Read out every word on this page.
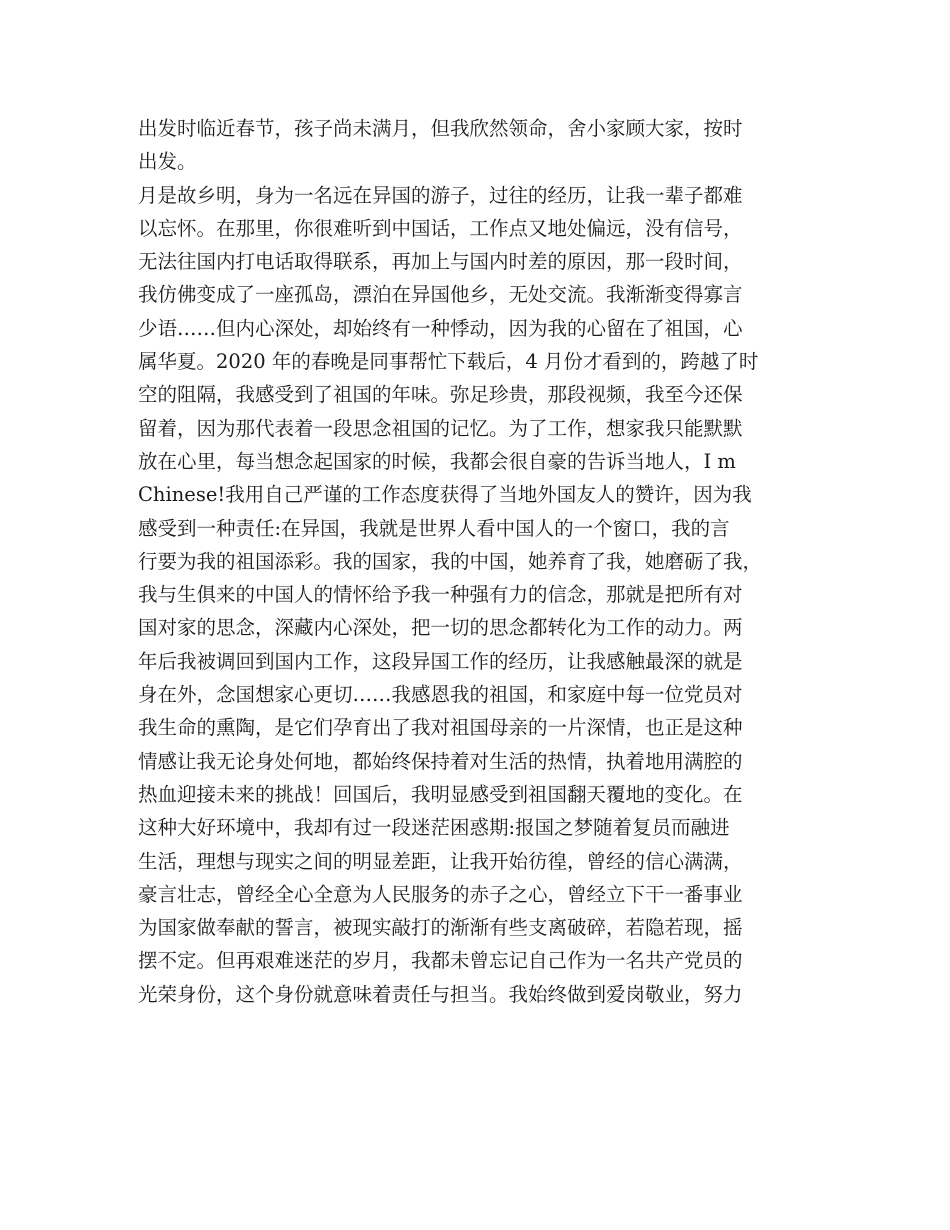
出发时临近春节，孩子尚未满月，但我欣然领命，舍小家顾大家，按时
出发。
月是故乡明，身为一名远在异国的游子，过往的经历，让我一辈子都难
以忘怀。在那里，你很难听到中国话，工作点又地处偏远，没有信号，
无法往国内打电话取得联系，再加上与国内时差的原因，那一段时间，
我仿佛变成了一座孤岛，漂泊在异国他乡，无处交流。我渐渐变得寡言
少语……但内心深处，却始终有一种悸动，因为我的心留在了祖国，心
属华夏。2020 年的春晚是同事帮忙下载后，4 月份才看到的，跨越了时
空的阻隔，我感受到了祖国的年味。弥足珍贵，那段视频，我至今还保
留着，因为那代表着一段思念祖国的记忆。为了工作，想家我只能默默
放在心里，每当想念起国家的时候，我都会很自豪的告诉当地人，I m
Chinese!我用自己严谨的工作态度获得了当地外国友人的赞许，因为我
感受到一种责任:在异国，我就是世界人看中国人的一个窗口，我的言
行要为我的祖国添彩。我的国家，我的中国，她养育了我，她磨砺了我，
我与生俱来的中国人的情怀给予我一种强有力的信念，那就是把所有对
国对家的思念，深藏内心深处，把一切的思念都转化为工作的动力。两
年后我被调回到国内工作，这段异国工作的经历，让我感触最深的就是
身在外，念国想家心更切……我感恩我的祖国，和家庭中每一位党员对
我生命的熏陶，是它们孕育出了我对祖国母亲的一片深情，也正是这种
情感让我无论身处何地，都始终保持着对生活的热情，执着地用满腔的
热血迎接未来的挑战！回国后，我明显感受到祖国翻天覆地的变化。在
这种大好环境中，我却有过一段迷茫困惑期:报国之梦随着复员而融进
生活，理想与现实之间的明显差距，让我开始彷徨，曾经的信心满满，
豪言壮志，曾经全心全意为人民服务的赤子之心，曾经立下干一番事业
为国家做奉献的誓言，被现实敲打的渐渐有些支离破碎，若隐若现，摇
摆不定。但再艰难迷茫的岁月，我都未曾忘记自己作为一名共产党员的
光荣身份，这个身份就意味着责任与担当。我始终做到爱岗敬业，努力
